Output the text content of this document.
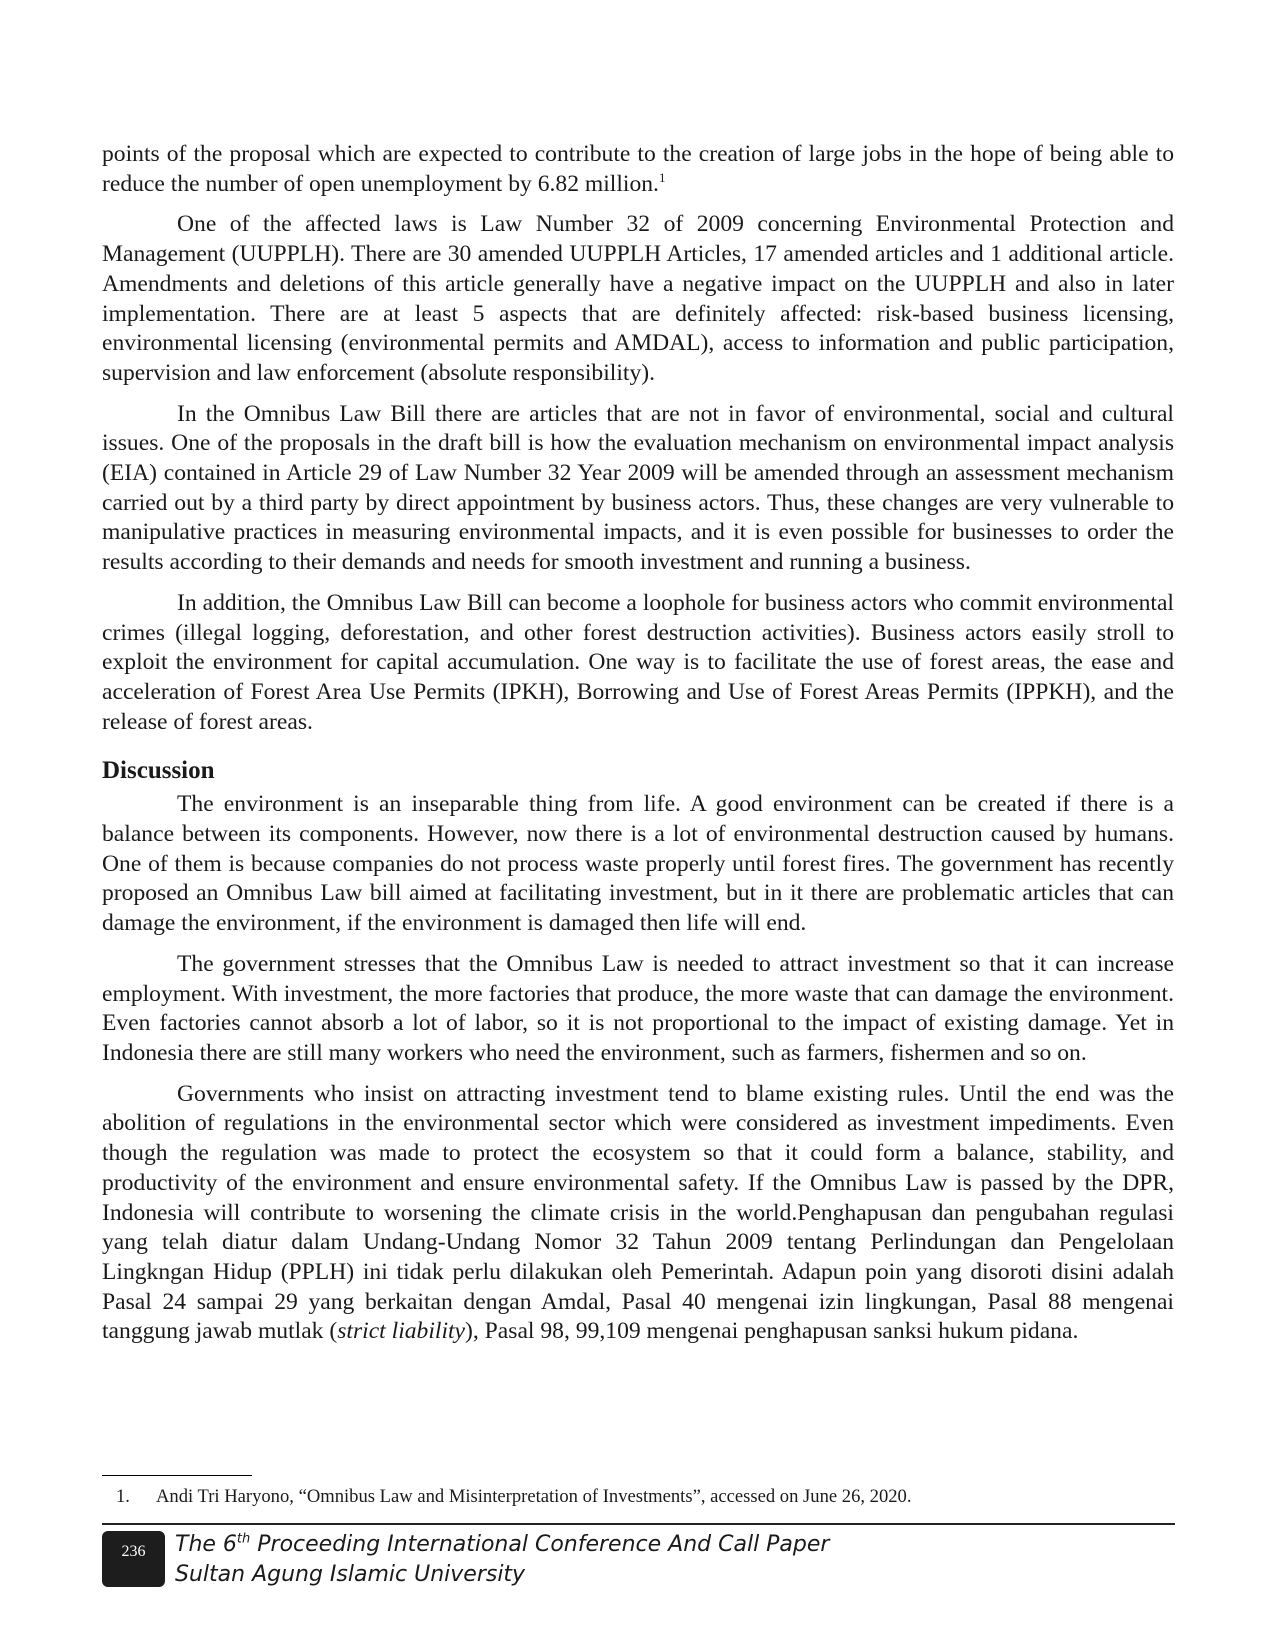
points of the proposal which are expected to contribute to the creation of large jobs in the hope of being able to reduce the number of open unemployment by 6.82 million.$^1$

One of the affected laws is Law Number 32 of 2009 concerning Environmental Protection and Management (UUPPLH). There are 30 amended UUPPLH Articles, 17 amended articles and 1 additional article. Amendments and deletions of this article generally have a negative impact on the UUPPLH and also in later implementation. There are at least 5 aspects that are definitely affected: risk-based business licensing, environmental licensing (environmental permits and AMDAL), access to information and public participation, supervision and law enforcement (absolute responsibility).

In the Omnibus Law Bill there are articles that are not in favor of environmental, social and cultural issues. One of the proposals in the draft bill is how the evaluation mechanism on environmental impact analysis (EIA) contained in Article 29 of Law Number 32 Year 2009 will be amended through an assessment mechanism carried out by a third party by direct appointment by business actors. Thus, these changes are very vulnerable to manipulative practices in measuring environmental impacts, and it is even possible for businesses to order the results according to their demands and needs for smooth investment and running a business.

In addition, the Omnibus Law Bill can become a loophole for business actors who commit environmental crimes (illegal logging, deforestation, and other forest destruction activities). Business actors easily stroll to exploit the environment for capital accumulation. One way is to facilitate the use of forest areas, the ease and acceleration of Forest Area Use Permits (IPKH), Borrowing and Use of Forest Areas Permits (IPPKH), and the release of forest areas.

Discussion

The environment is an inseparable thing from life. A good environment can be created if there is a balance between its components. However, now there is a lot of environmental destruction caused by humans. One of them is because companies do not process waste properly until forest fires. The government has recently proposed an Omnibus Law bill aimed at facilitating investment, but in it there are problematic articles that can damage the environment, if the environment is damaged then life will end.

The government stresses that the Omnibus Law is needed to attract investment so that it can increase employment. With investment, the more factories that produce, the more waste that can damage the environment. Even factories cannot absorb a lot of labor, so it is not proportional to the impact of existing damage. Yet in Indonesia there are still many workers who need the environment, such as farmers, fishermen and so on.

Governments who insist on attracting investment tend to blame existing rules. Until the end was the abolition of regulations in the environmental sector which were considered as investment impediments. Even though the regulation was made to protect the ecosystem so that it could form a balance, stability, and productivity of the environment and ensure environmental safety. If the Omnibus Law is passed by the DPR, Indonesia will contribute to worsening the climate crisis in the world.Penghapusan dan pengubahan regulasi yang telah diatur dalam Undang-Undang Nomor 32 Tahun 2009 tentang Perlindungan dan Pengelolaan Lingkngan Hidup (PPLH) ini tidak perlu dilakukan oleh Pemerintah. Adapun poin yang disoroti disini adalah Pasal 24 sampai 29 yang berkaitan dengan Amdal, Pasal 40 mengenai izin lingkungan, Pasal 88 mengenai tanggung jawab mutlak (strict liability), Pasal 98, 99,109 mengenai penghapusan sanksi hukum pidana.

1. Andi Tri Haryono, “Omnibus Law and Misinterpretation of Investments”, accessed on June 26, 2020.
236 The 6th Proceeding International Conference And Call Paper
Sultan Agung Islamic University
